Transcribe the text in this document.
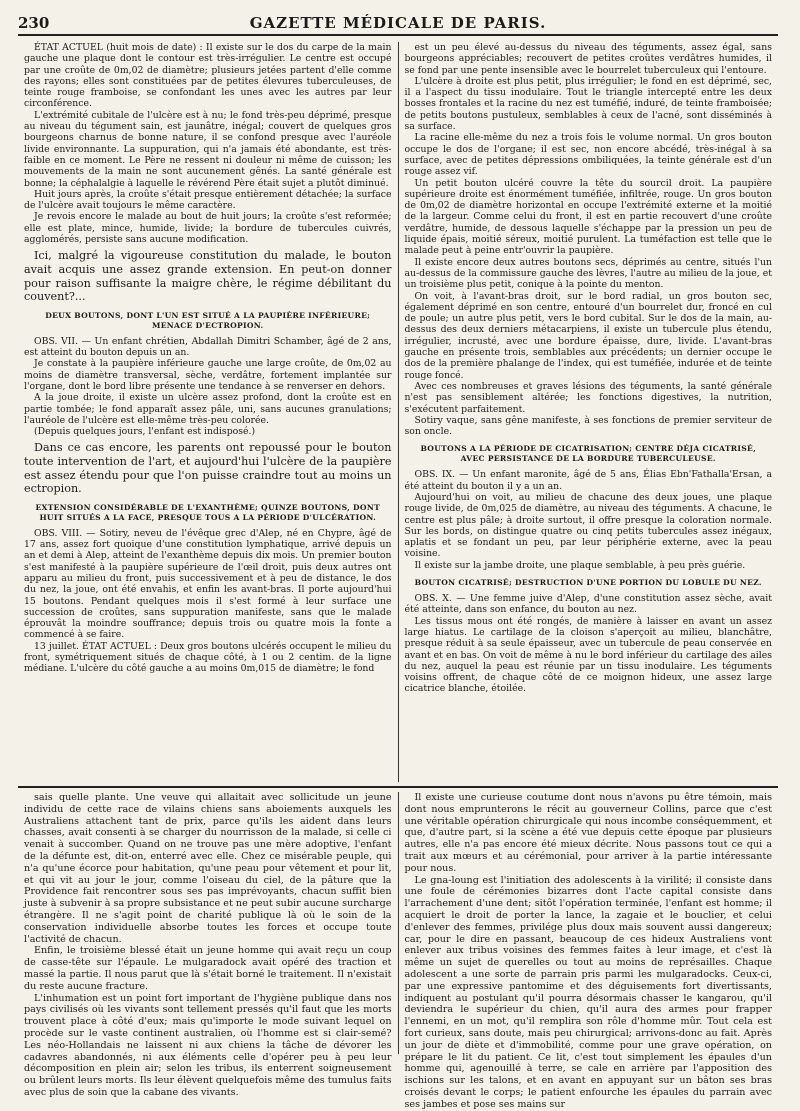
230	GAZETTE MÉDICALE DE PARIS.

ÉTAT ACTUEL (huit mois de date) : Il existe sur le dos du carpe de la main gauche une plaque dont le contour est très-irrégulier. Le centre est occupé par une croûte de 0m,02 de diamètre; plusieurs jetées partent d'elle comme des rayons; elles sont constituées par de petites élevures tuberculeuses, de teinte rouge framboise, se confondant les unes avec les autres par leur circonférence.

L'extrémité cubitale de l'ulcère est à nu; le fond très-peu déprimé, presque au niveau du tégument sain, est jaunâtre, inégal; couvert de quelques gros bourgeons charnus de bonne nature, il se confond presque avec l'auréole livide environnante. La suppuration, qui n'a jamais été abondante, est très-faible en ce moment. Le Père ne ressent ni douleur ni même de cuisson; les mouvements de la main ne sont aucunement gênés. La santé générale est bonne; la céphalalgie à laquelle le révérend Père était sujet a plutôt diminué.

Huit jours après, la croûte s'était presque entièrement détachée; la surface de l'ulcère avait toujours le même caractère.

Je revois encore le malade au bout de huit jours; la croûte s'est reformée; elle est plate, mince, humide, livide; la bordure de tubercules cuivrés, agglomérés, persiste sans aucune modification.

Ici, malgré la vigoureuse constitution du malade, le bouton avait acquis une assez grande extension. En peut-on donner pour raison suffisante la maigre chère, le régime débilitant du couvent?...

DEUX BOUTONS, DONT L'UN EST SITUÉ A LA PAUPIÈRE INFÉRIEURE; MENACE D'ECTROPION.

OBS. VII. — Un enfant chrétien, Abdallah Dimitri Schamber, âgé de 2 ans, est atteint du bouton depuis un an.

Je constate à la paupière inférieure gauche une large croûte, de 0m,02 au moins de diamètre transversal, sèche, verdâtre, fortement implantée sur l'organe, dont le bord libre présente une tendance à se renverser en dehors.

A la joue droite, il existe un ulcère assez profond, dont la croûte est en partie tombée; le fond apparaît assez pâle, uni, sans aucunes granulations; l'auréole de l'ulcère est elle-même très-peu colorée.

(Depuis quelques jours, l'enfant est indisposé.)

Dans ce cas encore, les parents ont repoussé pour le bouton toute intervention de l'art, et aujourd'hui l'ulcère de la paupière est assez étendu pour que l'on puisse craindre tout au moins un ectropion.

EXTENSION CONSIDÉRABLE DE L'EXANTHÈME; QUINZE BOUTONS, DONT HUIT SITUÉS A LA FACE, PRESQUE TOUS A LA PÉRIODE D'ULCÉRATION.

OBS. VIII. — Sotiry, neveu de l'évêque grec d'Alep, né en Chypre, âgé de 17 ans, assez fort quoique d'une constitution lymphatique, arrivé depuis un an et demi à Alep, atteint de l'exanthème depuis dix mois. Un premier bouton s'est manifesté à la paupière supérieure de l'œil droit, puis deux autres ont apparu au milieu du front, puis successivement et à peu de distance, le dos du nez, la joue, ont été envahis, et enfin les avant-bras. Il porte aujourd'hui 15 boutons. Pendant quelques mois il s'est formé à leur surface une succession de croûtes, sans suppuration manifeste, sans que le malade éprouvât la moindre souffrance; depuis trois ou quatre mois la fonte a commencé à se faire.

13 juillet. ÉTAT ACTUEL : Deux gros boutons ulcérés occupent le milieu du front, symétriquement situés de chaque côté, à 1 ou 2 centim. de la ligne médiane. L'ulcère du côté gauche a au moins 0m,015 de diamètre; le fond

est un peu élevé au-dessus du niveau des téguments, assez égal, sans bourgeons appréciables; recouvert de petites croûtes verdâtres humides, il se fond par une pente insensible avec le bourrelet tuberculeux qui l'entoure.

L'ulcère à droite est plus petit, plus irrégulier; le fond en est déprimé, sec, il a l'aspect du tissu inodulaire. Tout le triangle intercepté entre les deux bosses frontales et la racine du nez est tuméfié, induré, de teinte framboisée; de petits boutons pustuleux, semblables à ceux de l'acné, sont disséminés à sa surface.

La racine elle-même du nez a trois fois le volume normal. Un gros bouton occupe le dos de l'organe; il est sec, non encore abcédé, très-inégal à sa surface, avec de petites dépressions ombiliquées, la teinte générale est d'un rouge assez vif.

Un petit bouton ulcéré couvre la tête du sourcil droit. La paupière supérieure droite est énormément tuméfiée, infiltrée, rouge. Un gros bouton de 0m,02 de diamètre horizontal en occupe l'extrémité externe et la moitié de la largeur. Comme celui du front, il est en partie recouvert d'une croûte verdâtre, humide, de dessous laquelle s'échappe par la pression un peu de liquide épais, moitié séreux, moitié purulent. La tuméfaction est telle que le malade peut à peine entr'ouvrir la paupière.

Il existe encore deux autres boutons secs, déprimés au centre, situés l'un au-dessus de la commissure gauche des lèvres, l'autre au milieu de la joue, et un troisième plus petit, conique à la pointe du menton.

On voit, à l'avant-bras droit, sur le bord radial, un gros bouton sec, également déprimé en son centre, entouré d'un bourrelet dur, froncé en cul de poule; un autre plus petit, vers le bord cubital. Sur le dos de la main, au-dessus des deux derniers métacarpiens, il existe un tubercule plus étendu, irrégulier, incrusté, avec une bordure épaisse, dure, livide. L'avant-bras gauche en présente trois, semblables aux précédents; un dernier occupe le dos de la première phalange de l'index, qui est tuméfiée, indurée et de teinte rouge foncé.

Avec ces nombreuses et graves lésions des téguments, la santé générale n'est pas sensiblement altérée; les fonctions digestives, la nutrition, s'exécutent parfaitement.

Sotiry vaque, sans gêne manifeste, à ses fonctions de premier serviteur de son oncle.

BOUTONS A LA PÉRIODE DE CICATRISATION; CENTRE DÉJA CICATRISÉ, AVEC PERSISTANCE DE LA BORDURE TUBERCULEUSE.

OBS. IX. — Un enfant maronite, âgé de 5 ans, Élias Ebn'Fathalla'Ersan, a été atteint du bouton il y a un an.

Aujourd'hui on voit, au milieu de chacune des deux joues, une plaque rouge livide, de 0m,025 de diamètre, au niveau des téguments. A chacune, le centre est plus pâle; à droite surtout, il offre presque la coloration normale. Sur les bords, on distingue quatre ou cinq petits tubercules assez inégaux, aplatis et se fondant un peu, par leur périphérie externe, avec la peau voisine.

Il existe sur la jambe droite, une plaque semblable, à peu près guérie.

BOUTON CICATRISÉ; DESTRUCTION D'UNE PORTION DU LOBULE DU NEZ.

OBS. X. — Une femme juive d'Alep, d'une constitution assez sèche, avait été atteinte, dans son enfance, du bouton au nez.

Les tissus mous ont été rongés, de manière à laisser en avant un assez large hiatus. Le cartilage de la cloison s'aperçoit au milieu, blanchâtre, presque réduit à sa seule épaisseur, avec un tubercule de peau conservée en avant et en bas. On voit de même à nu le bord inférieur du cartilage des ailes du nez, auquel la peau est réunie par un tissu inodulaire. Les téguments voisins offrent, de chaque côté de ce moignon hideux, une assez large cicatrice blanche, étoilée.

sais quelle plante. Une veuve qui allaitait avec sollicitude un jeune individu de cette race de vilains chiens sans aboiements auxquels les Australiens attachent tant de prix, parce qu'ils les aident dans leurs chasses, avait consenti à se charger du nourrisson de la malade, si celle ci venait à succomber. Quand on ne trouve pas une mère adoptive, l'enfant de la défunte est, dit-on, enterré avec elle. Chez ce misérable peuple, qui n'a qu'une écorce pour habitation, qu'une peau pour vêtement et pour lit, et qui vit au jour le jour, comme l'oiseau du ciel, de la pâture que la Providence fait rencontrer sous ses pas imprévoyants, chacun suffit bien juste à subvenir à sa propre subsistance et ne peut subir aucune surcharge étrangère. Il ne s'agit point de charité publique là où le soin de la conservation individuelle absorbe toutes les forces et occupe toute l'activité de chacun.

Enfin, le troisième blessé était un jeune homme qui avait reçu un coup de casse-tête sur l'épaule. Le mulgaradock avait opéré des traction et massé la partie. Il nous parut que là s'était borné le traitement. Il n'existait du reste aucune fracture.

L'inhumation est un point fort important de l'hygiène publique dans nos pays civilisés où les vivants sont tellement pressés qu'il faut que les morts trouvent place à côté d'eux; mais qu'importe le mode suivant lequel on procède sur le vaste continent australien, où l'homme est si clair-semé? Les néo-Hollandais ne laissent ni aux chiens la tâche de dévorer les cadavres abandonnés, ni aux éléments celle d'opérer peu à peu leur décomposition en plein air; selon les tribus, ils enterrent soigneusement ou brûlent leurs morts. Ils leur élèvent quelquefois même des tumulus faits avec plus de soin que la cabane des vivants.

Il existe une curieuse coutume dont nous n'avons pu être témoin, mais dont nous emprunterons le récit au gouverneur Collins, parce que c'est une véritable opération chirurgicale qui nous incombe conséquemment, et que, d'autre part, si la scène a été vue depuis cette époque par plusieurs autres, elle n'a pas encore été mieux décrite. Nous passons tout ce qui a trait aux mœurs et au cérémonial, pour arriver à la partie intéressante pour nous.

Le gna-loung est l'initiation des adolescents à la virilité; il consiste dans une foule de cérémonies bizarres dont l'acte capital consiste dans l'arrachement d'une dent; sitôt l'opération terminée, l'enfant est homme; il acquiert le droit de porter la lance, la zagaie et le bouclier, et celui d'enlever des femmes, privilége plus doux mais souvent aussi dangereux; car, pour le dire en passant, beaucoup de ces hideux Australiens vont enlever aux tribus voisines des femmes faites à leur image, et c'est là même un sujet de querelles ou tout au moins de représailles. Chaque adolescent a une sorte de parrain pris parmi les mulgaradocks. Ceux-ci, par une expressive pantomime et des déguisements fort divertissants, indiquent au postulant qu'il pourra désormais chasser le kangarou, qu'il deviendra le supérieur du chien, qu'il aura des armes pour frapper l'ennemi, en un mot, qu'il remplira son rôle d'homme mûr. Tout cela est fort curieux, sans doute, mais peu chirurgical; arrivons-donc au fait. Après un jour de diète et d'immobilité, comme pour une grave opération, on prépare le lit du patient. Ce lit, c'est tout simplement les épaules d'un homme qui, agenouillé à terre, se cale en arrière par l'apposition des ischions sur les talons, et en avant en appuyant sur un bâton ses bras croisés devant le corps; le patient enfourche les épaules du parrain avec ses jambes et pose ses mains sur
